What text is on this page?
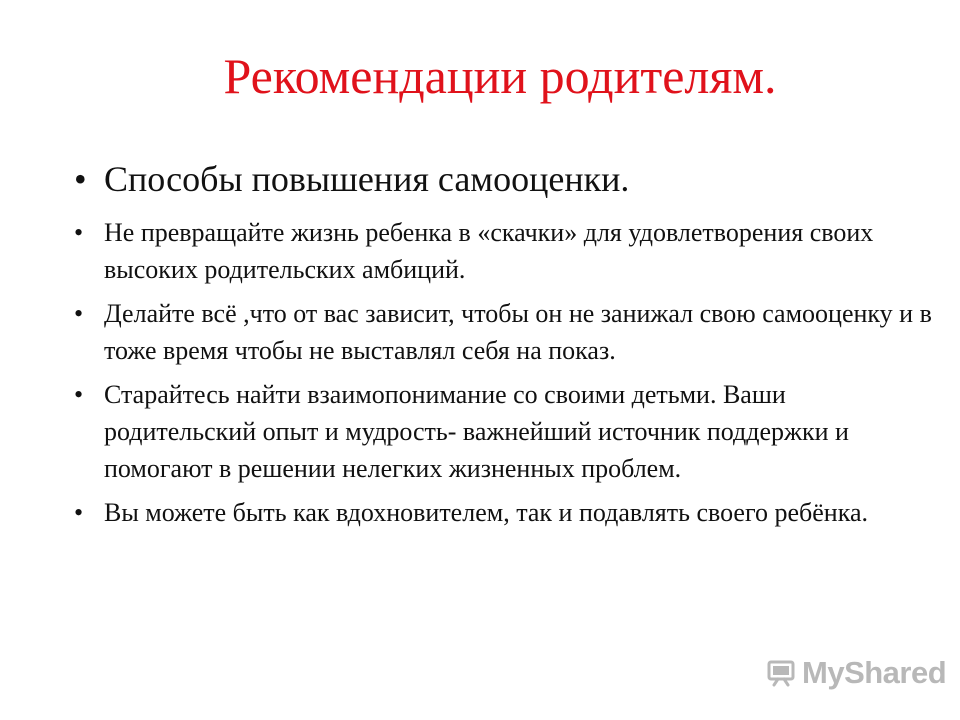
Рекомендации родителям.
• Способы повышения самооценки.
• Не превращайте жизнь ребенка в «скачки» для удовлетворения своих высоких родительских амбиций.
• Делайте всё ,что от вас зависит, чтобы он не занижал свою самооценку и в тоже время чтобы не выставлял себя на показ.
• Старайтесь найти взаимопонимание со своими детьми. Ваши родительский опыт и мудрость- важнейший источник поддержки и помогают в решении нелегких жизненных проблем.
• Вы можете быть как вдохновителем, так и подавлять своего ребёнка.
MyShared
